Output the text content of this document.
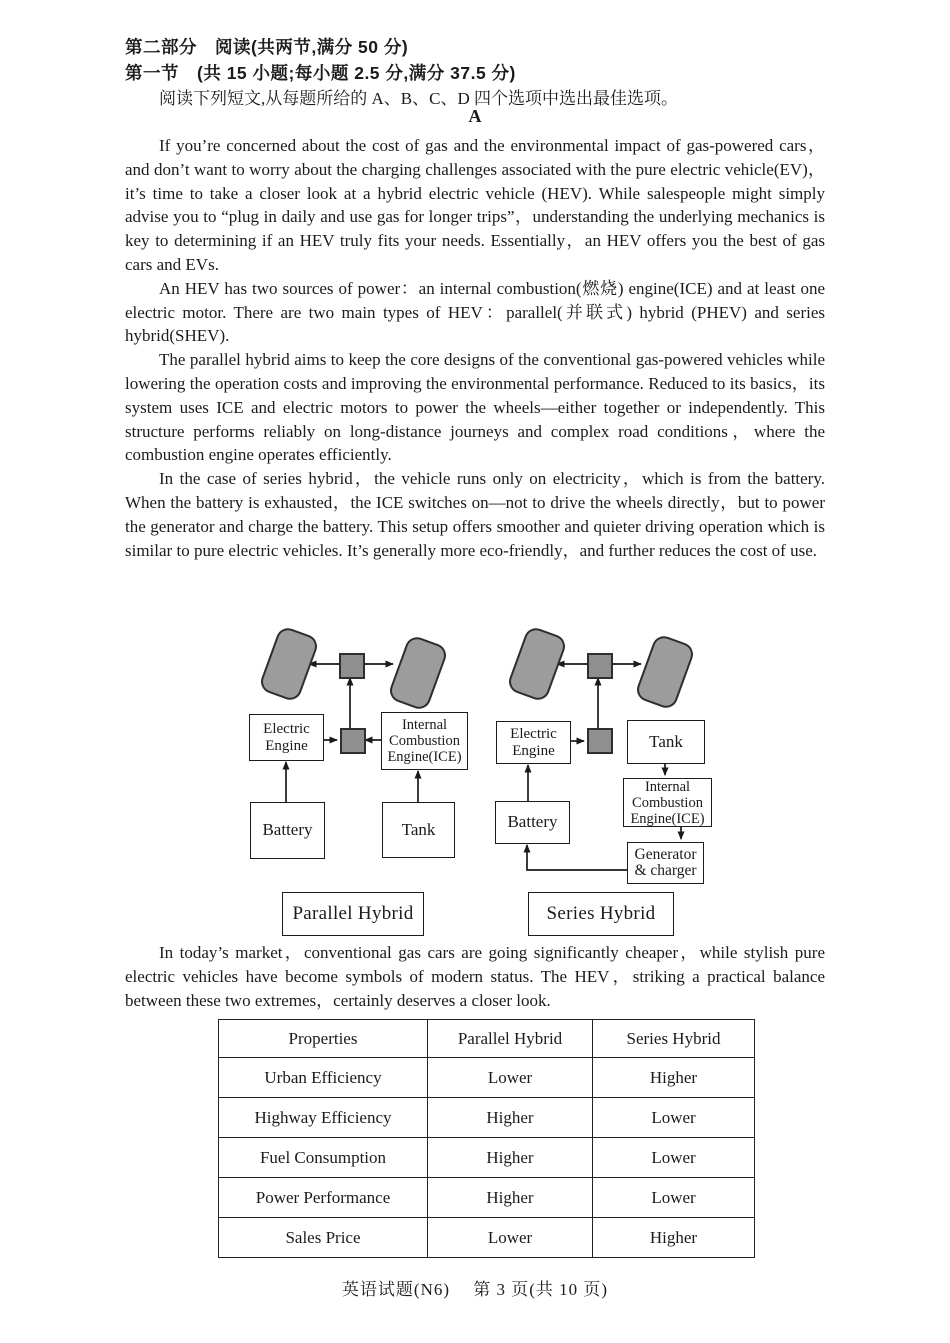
第二部分　阅读(共两节,满分 50 分)
第一节　(共 15 小题;每小题 2.5 分,满分 37.5 分)
阅读下列短文,从每题所给的 A、B、C、D 四个选项中选出最佳选项。
A

If you’re concerned about the cost of gas and the environmental impact of gas-powered cars，and don’t want to worry about the charging challenges associated with the pure electric vehicle(EV)，it’s time to take a closer look at a hybrid electric vehicle (HEV). While salespeople might simply advise you to “plug in daily and use gas for longer trips”，understanding the underlying mechanics is key to determining if an HEV truly fits your needs. Essentially，an HEV offers you the best of gas cars and EVs.

An HEV has two sources of power：an internal combustion(燃烧) engine(ICE) and at least one electric motor. There are two main types of HEV：parallel(并联式) hybrid (PHEV) and series hybrid(SHEV).

The parallel hybrid aims to keep the core designs of the conventional gas-powered vehicles while lowering the operation costs and improving the environmental performance. Reduced to its basics，its system uses ICE and electric motors to power the wheels—either together or independently. This structure performs reliably on long-distance journeys and complex road conditions，where the combustion engine operates efficiently.

In the case of series hybrid，the vehicle runs only on electricity，which is from the battery. When the battery is exhausted，the ICE switches on—not to drive the wheels directly，but to power the generator and charge the battery. This setup offers smoother and quieter driving operation which is similar to pure electric vehicles. It’s generally more eco-friendly，and further reduces the cost of use.

Electric Engine
Internal Combustion Engine(ICE)
Battery	Tank
Parallel Hybrid
Electric Engine	Tank
Internal Combustion Engine(ICE)
Battery
Generator & charger
Series Hybrid

In today’s market，conventional gas cars are going significantly cheaper，while stylish pure electric vehicles have become symbols of modern status. The HEV，striking a practical balance between these two extremes，certainly deserves a closer look.

Properties	Parallel Hybrid	Series Hybrid
Urban Efficiency	Lower	Higher
Highway Efficiency	Higher	Lower
Fuel Consumption	Higher	Lower
Power Performance	Higher	Lower
Sales Price	Lower	Higher
英语试题(N6)　 第 3 页(共 10 页)
